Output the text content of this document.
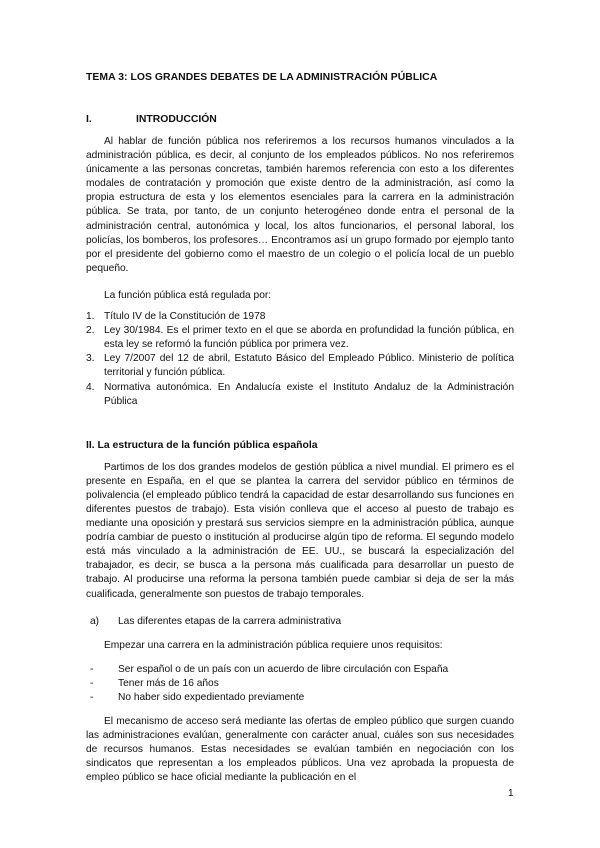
TEMA 3: LOS GRANDES DEBATES DE LA ADMINISTRACIÓN PÚBLICA
I.	INTRODUCCIÓN

Al hablar de función pública nos referiremos a los recursos humanos vinculados a la administración pública, es decir, al conjunto de los empleados públicos. No nos referiremos únicamente a las personas concretas, también haremos referencia con esto a los diferentes modales de contratación y promoción que existe dentro de la administración, así como la propia estructura de esta y los elementos esenciales para la carrera en la administración pública. Se trata, por tanto, de un conjunto heterogéneo donde entra el personal de la administración central, autonómica y local, los altos funcionarios, el personal laboral, los policías, los bomberos, los profesores… Encontramos así un grupo formado por ejemplo tanto por el presidente del gobierno como el maestro de un colegio o el policía local de un pueblo pequeño.

La función pública está regulada por:

1. Título IV de la Constitución de 1978
2. Ley 30/1984. Es el primer texto en el que se aborda en profundidad la función pública, en esta ley se reformó la función pública por primera vez.
3. Ley 7/2007 del 12 de abril, Estatuto Básico del Empleado Público. Ministerio de política territorial y función pública.
4. Normativa autonómica. En Andalucía existe el Instituto Andaluz de la Administración Pública
II. La estructura de la función pública española

Partimos de los dos grandes modelos de gestión pública a nivel mundial. El primero es el presente en España, en el que se plantea la carrera del servidor público en términos de polivalencia (el empleado público tendrá la capacidad de estar desarrollando sus funciones en diferentes puestos de trabajo). Esta visión conlleva que el acceso al puesto de trabajo es mediante una oposición y prestará sus servicios siempre en la administración pública, aunque podría cambiar de puesto o institución al producirse algún tipo de reforma. El segundo modelo está más vinculado a la administración de EE. UU., se buscará la especialización del trabajador, es decir, se busca a la persona más cualificada para desarrollar un puesto de trabajo. Al producirse una reforma la persona también puede cambiar si deja de ser la más cualificada, generalmente son puestos de trabajo temporales.

a)	Las diferentes etapas de la carrera administrativa

Empezar una carrera en la administración pública requiere unos requisitos:

-	Ser español o de un país con un acuerdo de libre circulación con España
-	Tener más de 16 años
-	No haber sido expedientado previamente

El mecanismo de acceso será mediante las ofertas de empleo público que surgen cuando las administraciones evalúan, generalmente con carácter anual, cuáles son sus necesidades de recursos humanos. Estas necesidades se evalúan también en negociación con los sindicatos que representan a los empleados públicos. Una vez aprobada la propuesta de empleo público se hace oficial mediante la publicación en el

1
